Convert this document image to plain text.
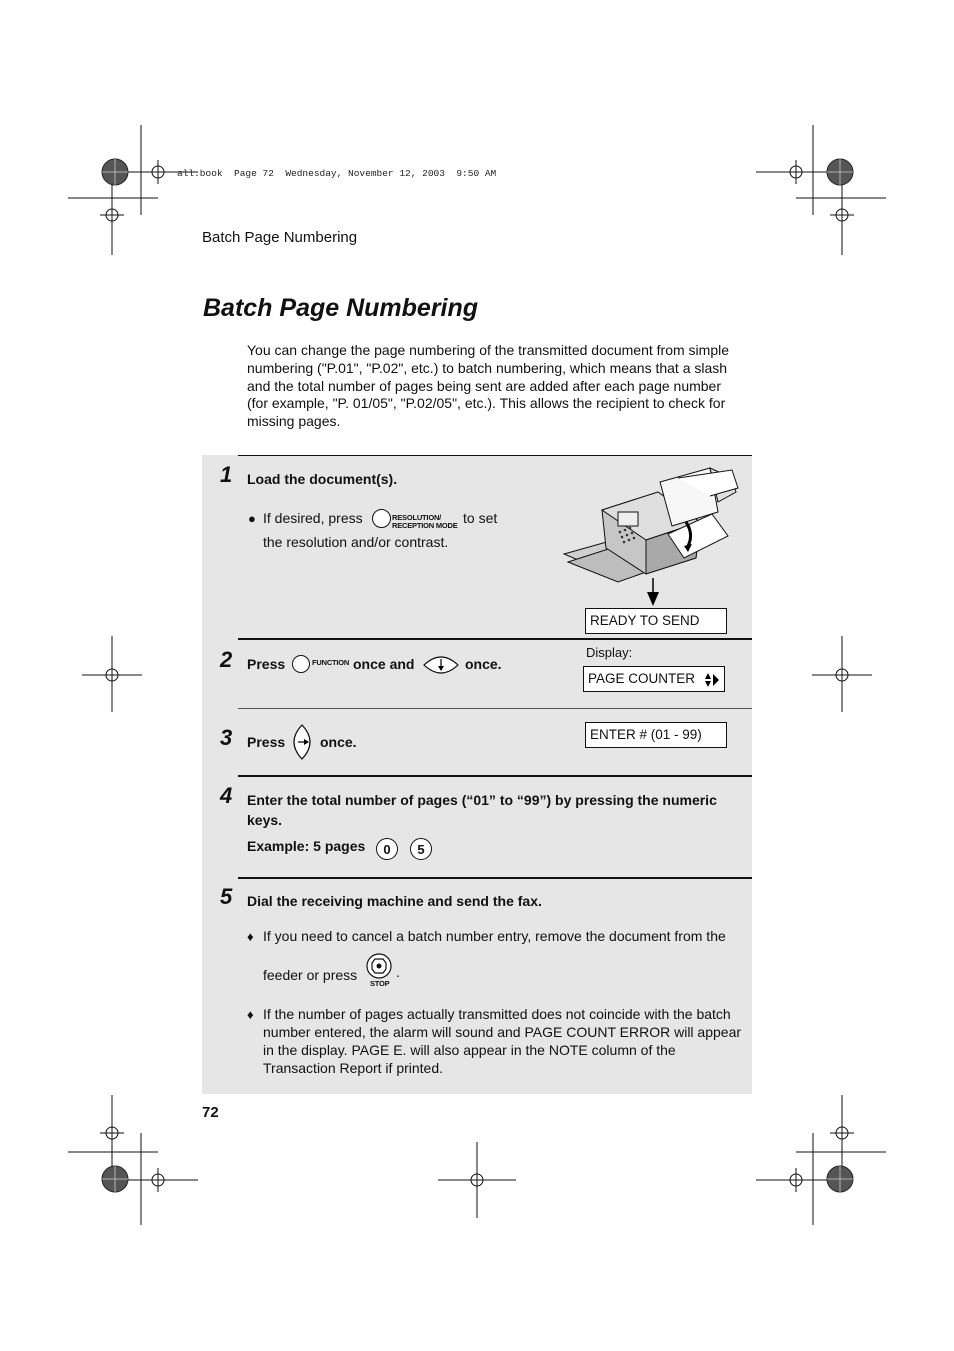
all.book  Page 72  Wednesday, November 12, 2003  9:50 AM
Batch Page Numbering
Batch Page Numbering
You can change the page numbering of the transmitted document from simple numbering ("P.01", "P.02", etc.) to batch numbering, which means that a slash and the total number of pages being sent are added after each page number (for example, "P. 01/05", "P.02/05", etc.). This allows the recipient to check for missing pages.
1 Load the document(s).
● If desired, press	RESOLUTION/
RECEPTION MODE to set
the resolution and/or contrast.
READY TO SEND
2 Press	FUNCTION once and	once.
Display:
PAGE COUNTER
3 Press once.	ENTER # (01 - 99)
4 Enter the total number of pages (“01” to “99”) by pressing the numeric
keys.
Example: 5 pages	0	5
5 Dial the receiving machine and send the fax.
♦ If you need to cancel a batch number entry, remove the document from the
feeder or press
STOP
.
♦ If the number of pages actually transmitted does not coincide with the batch number entered, the alarm will sound and PAGE COUNT ERROR will appear in the display. PAGE E. will also appear in the NOTE column of the Transaction Report if printed.
72
